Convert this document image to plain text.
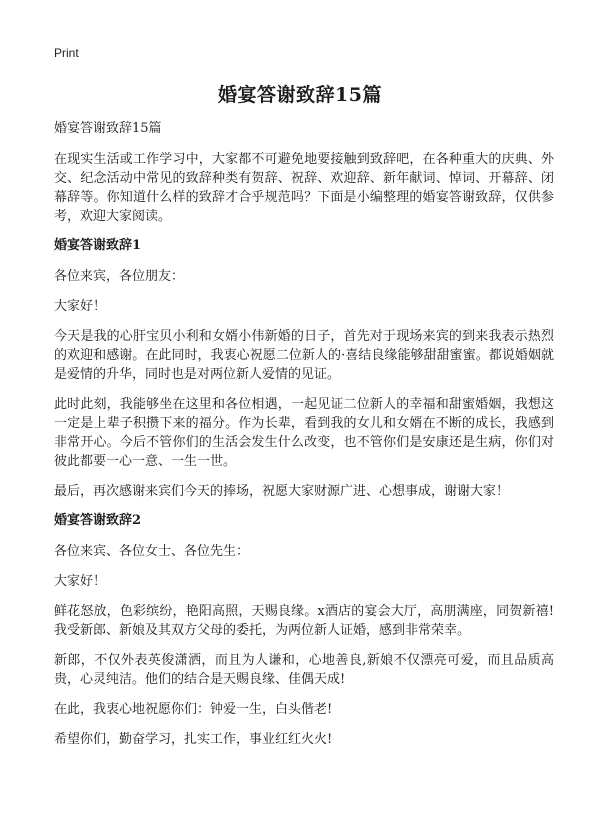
Print
婚宴答谢致辞15篇

婚宴答谢致辞15篇

在现实生活或工作学习中，大家都不可避免地要接触到致辞吧，在各种重大的庆典、外交、纪念活动中常见的致辞种类有贺辞、祝辞、欢迎辞、新年献词、悼词、开幕辞、闭幕辞等。你知道什么样的致辞才合乎规范吗？下面是小编整理的婚宴答谢致辞，仅供参考，欢迎大家阅读。

婚宴答谢致辞1

各位来宾，各位朋友：

大家好！

今天是我的心肝宝贝小利和女婿小伟新婚的日子，首先对于现场来宾的到来我表示热烈的欢迎和感谢。在此同时，我衷心祝愿二位新人的·喜结良缘能够甜甜蜜蜜。都说婚姻就是爱情的升华，同时也是对两位新人爱情的见证。

此时此刻，我能够坐在这里和各位相遇，一起见证二位新人的幸福和甜蜜婚姻，我想这一定是上辈子积攒下来的福分。作为长辈，看到我的女儿和女婿在不断的成长，我感到非常开心。今后不管你们的生活会发生什么改变，也不管你们是安康还是生病，你们对彼此都要一心一意、一生一世。

最后，再次感谢来宾们今天的捧场，祝愿大家财源广进、心想事成，谢谢大家！

婚宴答谢致辞2

各位来宾、各位女士、各位先生：

大家好！

鲜花怒放，色彩缤纷，艳阳高照，天赐良缘。x酒店的宴会大厅，高朋满座，同贺新禧!我受新郎、新娘及其双方父母的委托，为两位新人证婚，感到非常荣幸。

新郎，不仅外表英俊潇洒，而且为人谦和，心地善良,新娘不仅漂亮可爱，而且品质高贵，心灵纯洁。他们的结合是天赐良缘、佳偶天成!

在此，我衷心地祝愿你们：钟爱一生，白头偕老!

希望你们，勤奋学习，扎实工作，事业红红火火!
